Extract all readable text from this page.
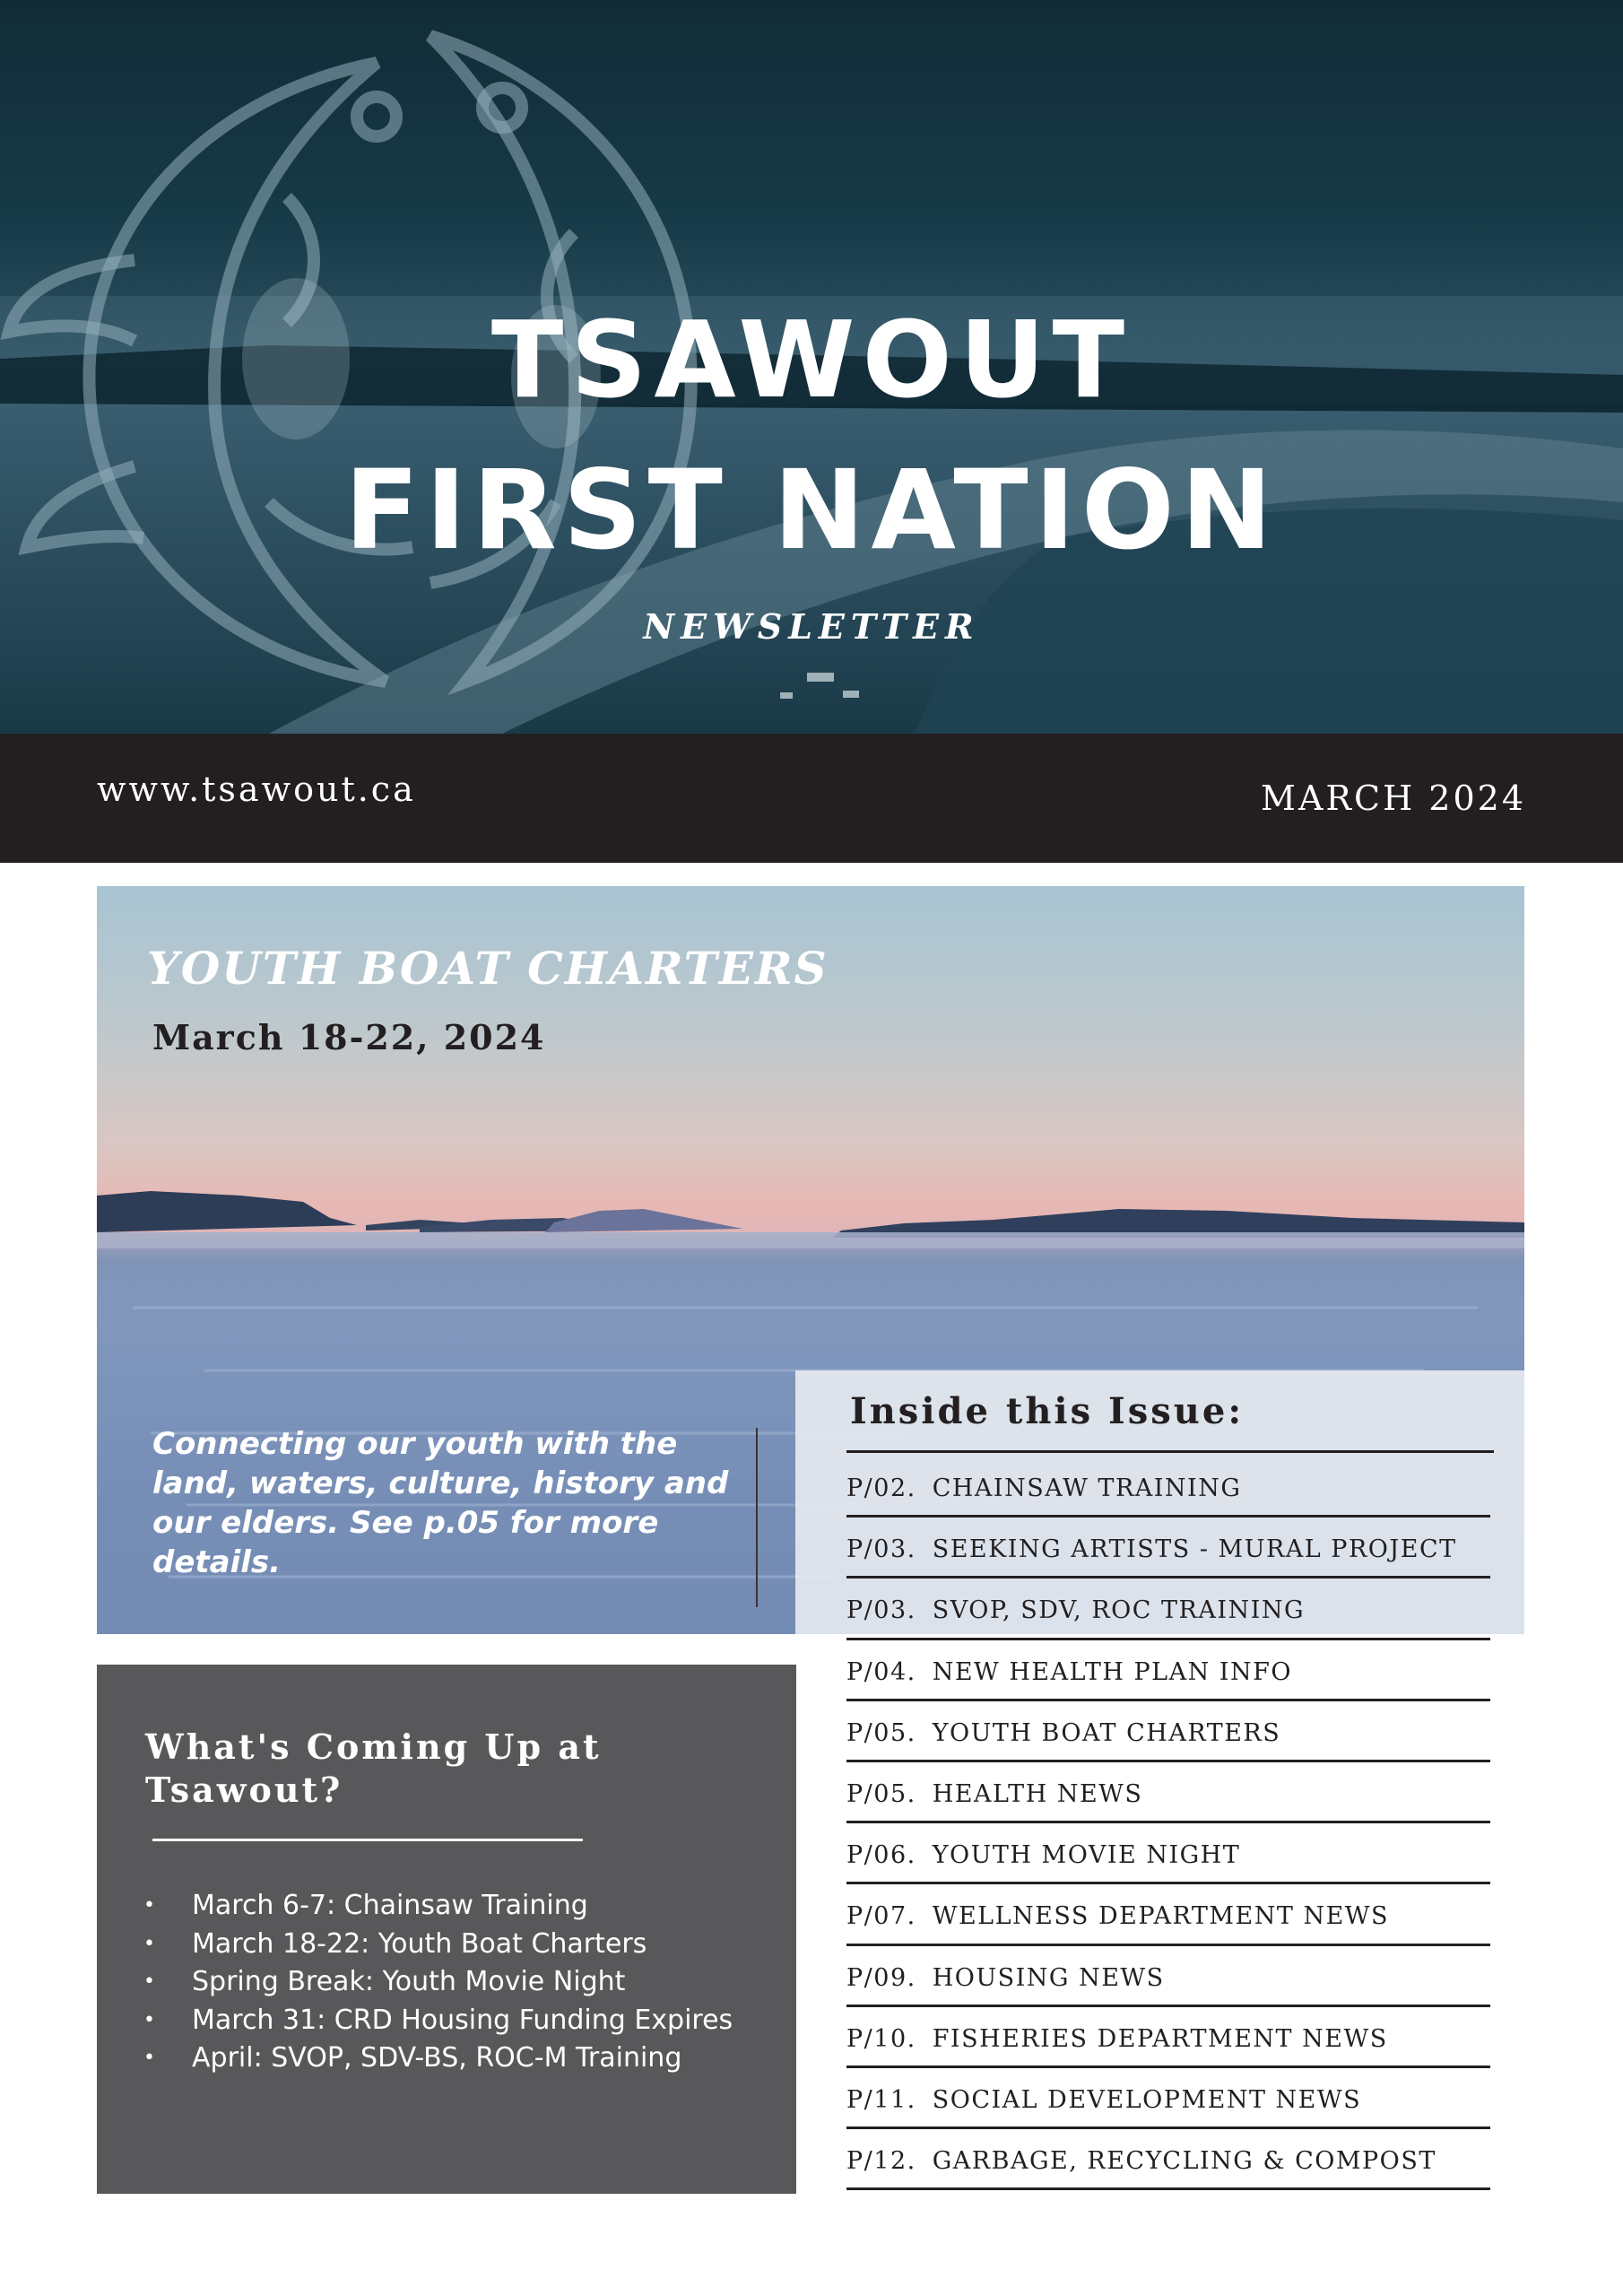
TSAWOUT
FIRST NATION
NEWSLETTER
www.tsawout.ca	MARCH 2024
YOUTH BOAT CHARTERS
March 18-22, 2024
Connecting our youth with the land, waters, culture, history and our elders. See p.05 for more details.
Inside this Issue:
P/02. CHAINSAW TRAINING
P/03. SEEKING ARTISTS - MURAL PROJECT
P/03. SVOP, SDV, ROC TRAINING
P/04. NEW HEALTH PLAN INFO
P/05. YOUTH BOAT CHARTERS
P/05. HEALTH NEWS
P/06. YOUTH MOVIE NIGHT
P/07. WELLNESS DEPARTMENT NEWS
P/09. HOUSING NEWS
P/10. FISHERIES DEPARTMENT NEWS
P/11. SOCIAL DEVELOPMENT NEWS
P/12. GARBAGE, RECYCLING & COMPOST
What's Coming Up at Tsawout?
• March 6-7: Chainsaw Training
• March 18-22: Youth Boat Charters
• Spring Break: Youth Movie Night
• March 31: CRD Housing Funding Expires
• April: SVOP, SDV-BS, ROC-M Training
